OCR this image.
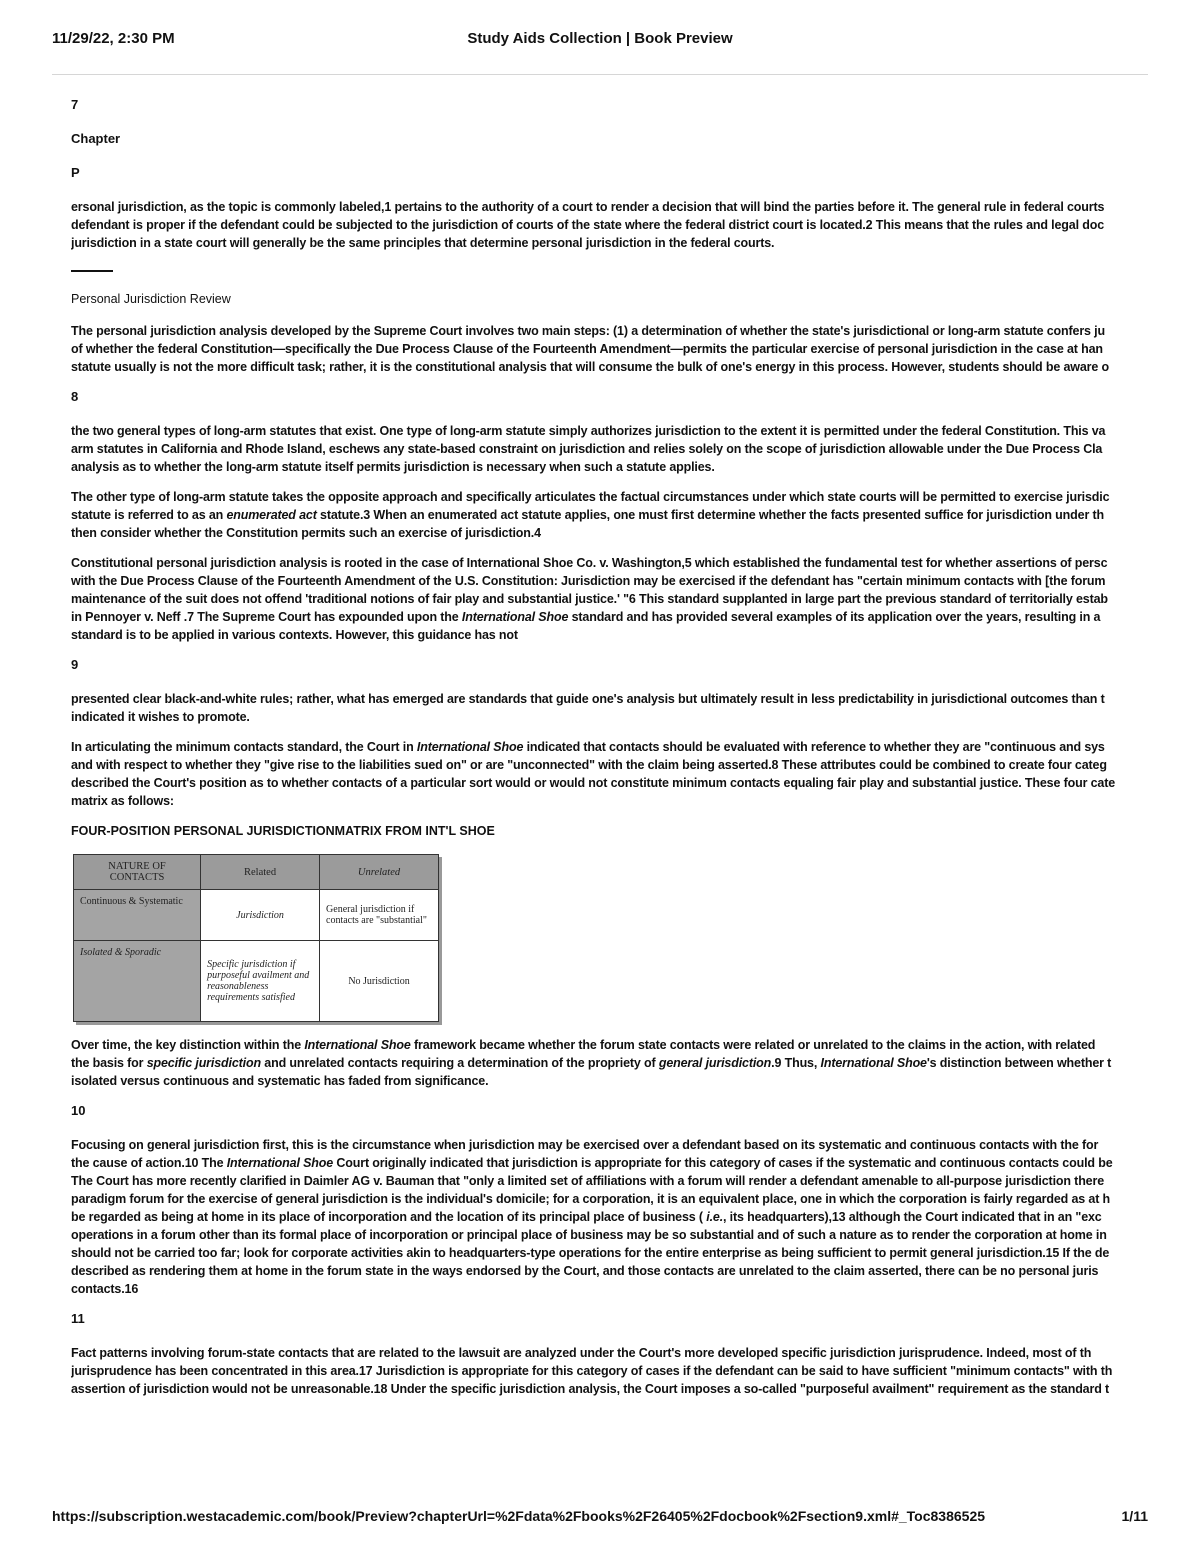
11/29/22, 2:30 PM	Study Aids Collection | Book Preview
7
Chapter
P
ersonal jurisdiction, as the topic is commonly labeled,1 pertains to the authority of a court to render a decision that will bind the parties before it. The general rule in federal courts
defendant is proper if the defendant could be subjected to the jurisdiction of courts of the state where the federal district court is located.2 This means that the rules and legal doc
jurisdiction in a state court will generally be the same principles that determine personal jurisdiction in the federal courts.
Personal Jurisdiction Review
The personal jurisdiction analysis developed by the Supreme Court involves two main steps: (1) a determination of whether the state's jurisdictional or long-arm statute confers ju
of whether the federal Constitution—specifically the Due Process Clause of the Fourteenth Amendment—permits the particular exercise of personal jurisdiction in the case at han
statute usually is not the more difficult task; rather, it is the constitutional analysis that will consume the bulk of one's energy in this process. However, students should be aware o
8
the two general types of long-arm statutes that exist. One type of long-arm statute simply authorizes jurisdiction to the extent it is permitted under the federal Constitution. This va
arm statutes in California and Rhode Island, eschews any state-based constraint on jurisdiction and relies solely on the scope of jurisdiction allowable under the Due Process Cla
analysis as to whether the long-arm statute itself permits jurisdiction is necessary when such a statute applies.
The other type of long-arm statute takes the opposite approach and specifically articulates the factual circumstances under which state courts will be permitted to exercise jurisdic
statute is referred to as an enumerated act statute.3 When an enumerated act statute applies, one must first determine whether the facts presented suffice for jurisdiction under th
then consider whether the Constitution permits such an exercise of jurisdiction.4
Constitutional personal jurisdiction analysis is rooted in the case of International Shoe Co. v. Washington,5 which established the fundamental test for whether assertions of persc
with the Due Process Clause of the Fourteenth Amendment of the U.S. Constitution: Jurisdiction may be exercised if the defendant has "certain minimum contacts with [the forum
maintenance of the suit does not offend 'traditional notions of fair play and substantial justice.' "6 This standard supplanted in large part the previous standard of territorially estab
in Pennoyer v. Neff .7 The Supreme Court has expounded upon the International Shoe standard and has provided several examples of its application over the years, resulting in a
standard is to be applied in various contexts. However, this guidance has not
9
presented clear black-and-white rules; rather, what has emerged are standards that guide one's analysis but ultimately result in less predictability in jurisdictional outcomes than t
indicated it wishes to promote.
In articulating the minimum contacts standard, the Court in International Shoe indicated that contacts should be evaluated with reference to whether they are "continuous and sys
and with respect to whether they "give rise to the liabilities sued on" or are "unconnected" with the claim being asserted.8 These attributes could be combined to create four categ
described the Court's position as to whether contacts of a particular sort would or would not constitute minimum contacts equaling fair play and substantial justice. These four cate
matrix as follows:
FOUR-POSITION PERSONAL JURISDICTIONMATRIX FROM INT'L SHOE
NATURE OF CONTACTS	Related	Unrelated
Continuous & Systematic	Jurisdiction	General jurisdiction if contacts are "substantial"
Isolated & Sporadic	Specific jurisdiction if purposeful availment and reasonableness requirements satisfied	No Jurisdiction
Over time, the key distinction within the International Shoe framework became whether the forum state contacts were related or unrelated to the claims in the action, with related
the basis for specific jurisdiction and unrelated contacts requiring a determination of the propriety of general jurisdiction.9 Thus, International Shoe's distinction between whether t
isolated versus continuous and systematic has faded from significance.
10
Focusing on general jurisdiction first, this is the circumstance when jurisdiction may be exercised over a defendant based on its systematic and continuous contacts with the for
the cause of action.10 The International Shoe Court originally indicated that jurisdiction is appropriate for this category of cases if the systematic and continuous contacts could be
The Court has more recently clarified in Daimler AG v. Bauman that "only a limited set of affiliations with a forum will render a defendant amenable to all-purpose jurisdiction there
paradigm forum for the exercise of general jurisdiction is the individual's domicile; for a corporation, it is an equivalent place, one in which the corporation is fairly regarded as at h
be regarded as being at home in its place of incorporation and the location of its principal place of business ( i.e., its headquarters),13 although the Court indicated that in an "exc
operations in a forum other than its formal place of incorporation or principal place of business may be so substantial and of such a nature as to render the corporation at home in
should not be carried too far; look for corporate activities akin to headquarters-type operations for the entire enterprise as being sufficient to permit general jurisdiction.15 If the de
described as rendering them at home in the forum state in the ways endorsed by the Court, and those contacts are unrelated to the claim asserted, there can be no personal juris
contacts.16
11
Fact patterns involving forum-state contacts that are related to the lawsuit are analyzed under the Court's more developed specific jurisdiction jurisprudence. Indeed, most of th
jurisprudence has been concentrated in this area.17 Jurisdiction is appropriate for this category of cases if the defendant can be said to have sufficient "minimum contacts" with th
assertion of jurisdiction would not be unreasonable.18 Under the specific jurisdiction analysis, the Court imposes a so-called "purposeful availment" requirement as the standard t
https://subscription.westacademic.com/book/Preview?chapterUrl=%2Fdata%2Fbooks%2F26405%2Fdocbook%2Fsection9.xml#_Toc8386525	1/11
